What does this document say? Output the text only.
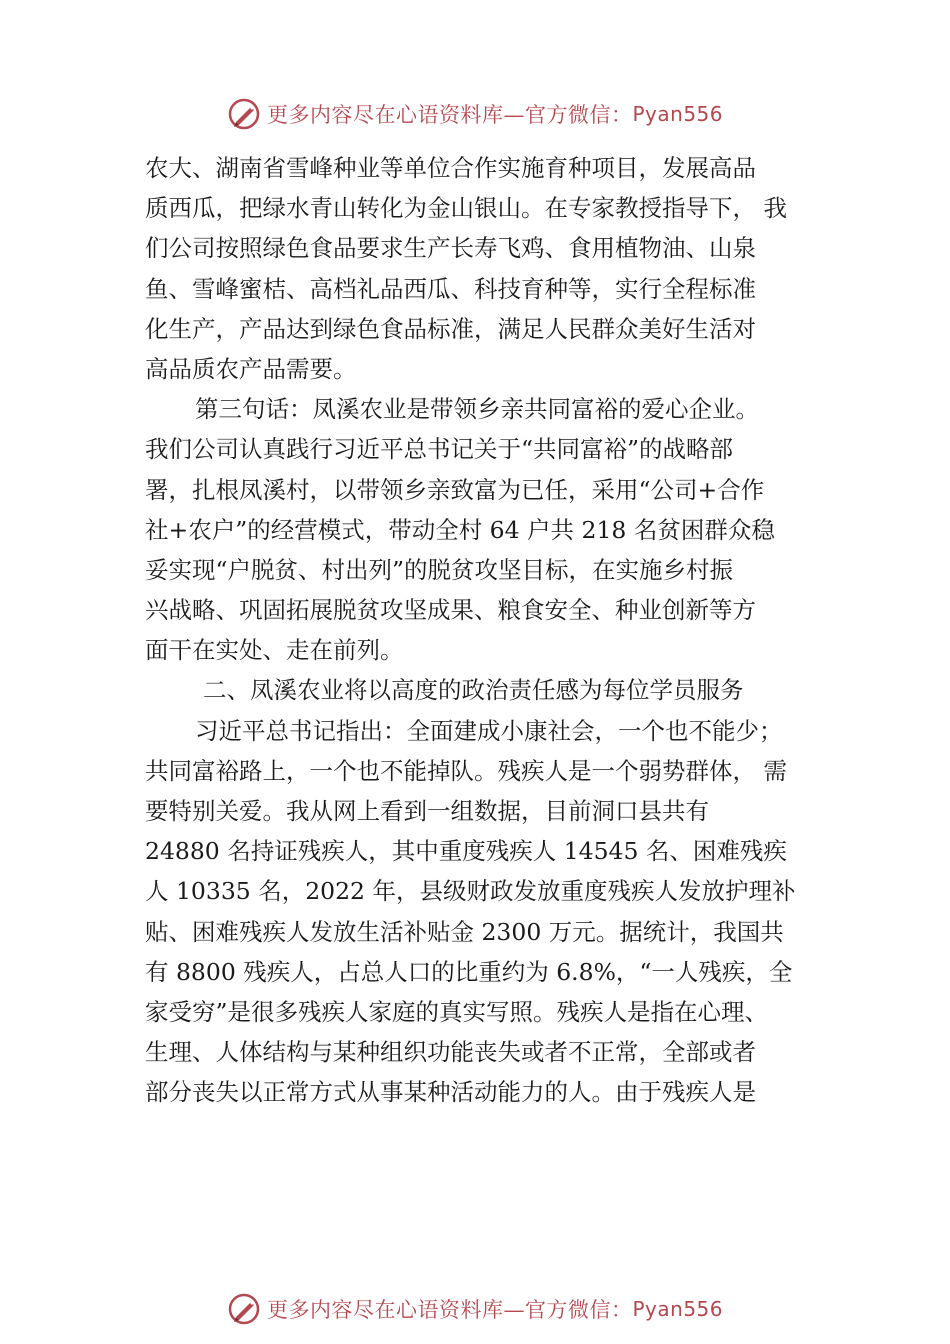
更多内容尽在心语资料库—官方微信： Pyan556
农大、湖南省雪峰种业等单位合作实施育种项目，发展高品
质西瓜，把绿水青山转化为金山银山。在专家教授指导下， 我
们公司按照绿色食品要求生产长寿飞鸡、食用植物油、山泉
鱼、雪峰蜜桔、高档礼品西瓜、科技育种等，实行全程标准
化生产，产品达到绿色食品标准，满足人民群众美好生活对
高品质农产品需要。
第三句话：凤溪农业是带领乡亲共同富裕的爱心企业。
我们公司认真践行习近平总书记关于“共同富裕”的战略部
署，扎根凤溪村，以带领乡亲致富为已任，采用“公司+合作
社+农户”的经营模式，带动全村 64 户共 218 名贫困群众稳
妥实现“户脱贫、村出列”的脱贫攻坚目标，在实施乡村振
兴战略、巩固拓展脱贫攻坚成果、粮食安全、种业创新等方
面干在实处、走在前列。
二、凤溪农业将以高度的政治责任感为每位学员服务
习近平总书记指出：全面建成小康社会，一个也不能少；
共同富裕路上，一个也不能掉队。残疾人是一个弱势群体， 需
要特别关爱。我从网上看到一组数据，目前洞口县共有
24880 名持证残疾人，其中重度残疾人 14545 名、困难残疾
人 10335 名，2022 年，县级财政发放重度残疾人发放护理补
贴、困难残疾人发放生活补贴金 2300 万元。据统计，我国共
有 8800 残疾人，占总人口的比重约为 6.8%，“一人残疾，全
家受穷”是很多残疾人家庭的真实写照。残疾人是指在心理、
生理、人体结构与某种组织功能丧失或者不正常，全部或者
部分丧失以正常方式从事某种活动能力的人。由于残疾人是
更多内容尽在心语资料库—官方微信： Pyan556
